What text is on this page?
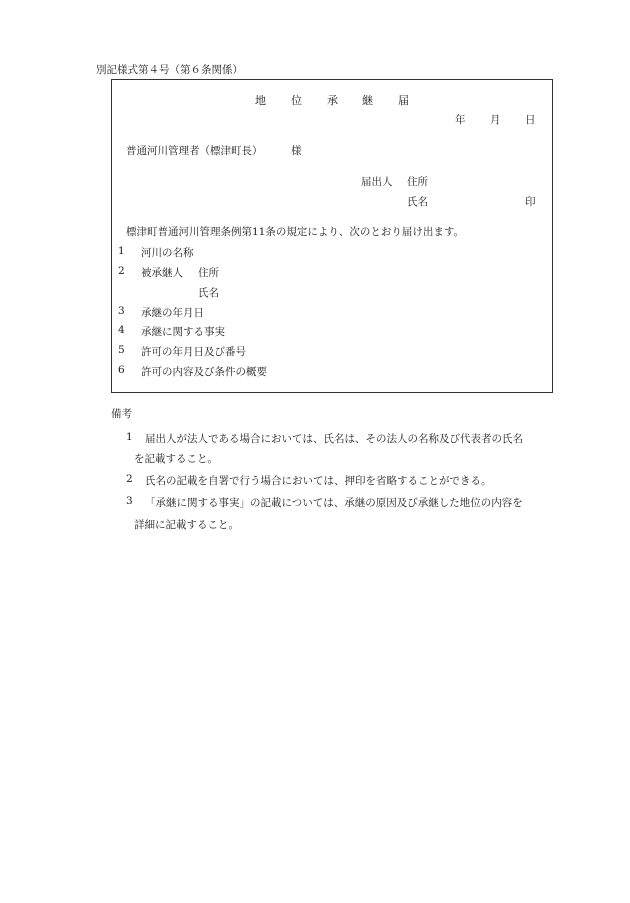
別記様式第４号（第６条関係）
地 位 承 継 届
年 月 日
普通河川管理者（標津町長）	様
届出人 住所
氏名	印
標津町普通河川管理条例第11条の規定により、次のとおり届け出ます。
1 河川の名称
2 被承継人 住所
氏名
3 承継の年月日
4 承継に関する事実
5 許可の年月日及び番号
6 許可の内容及び条件の概要
備考
1 届出人が法人である場合においては、氏名は、その法人の名称及び代表者の氏名
を記載すること。
2 氏名の記載を自署で行う場合においては、押印を省略することができる。
3 「承継に関する事実」の記載については、承継の原因及び承継した地位の内容を
詳細に記載すること。
